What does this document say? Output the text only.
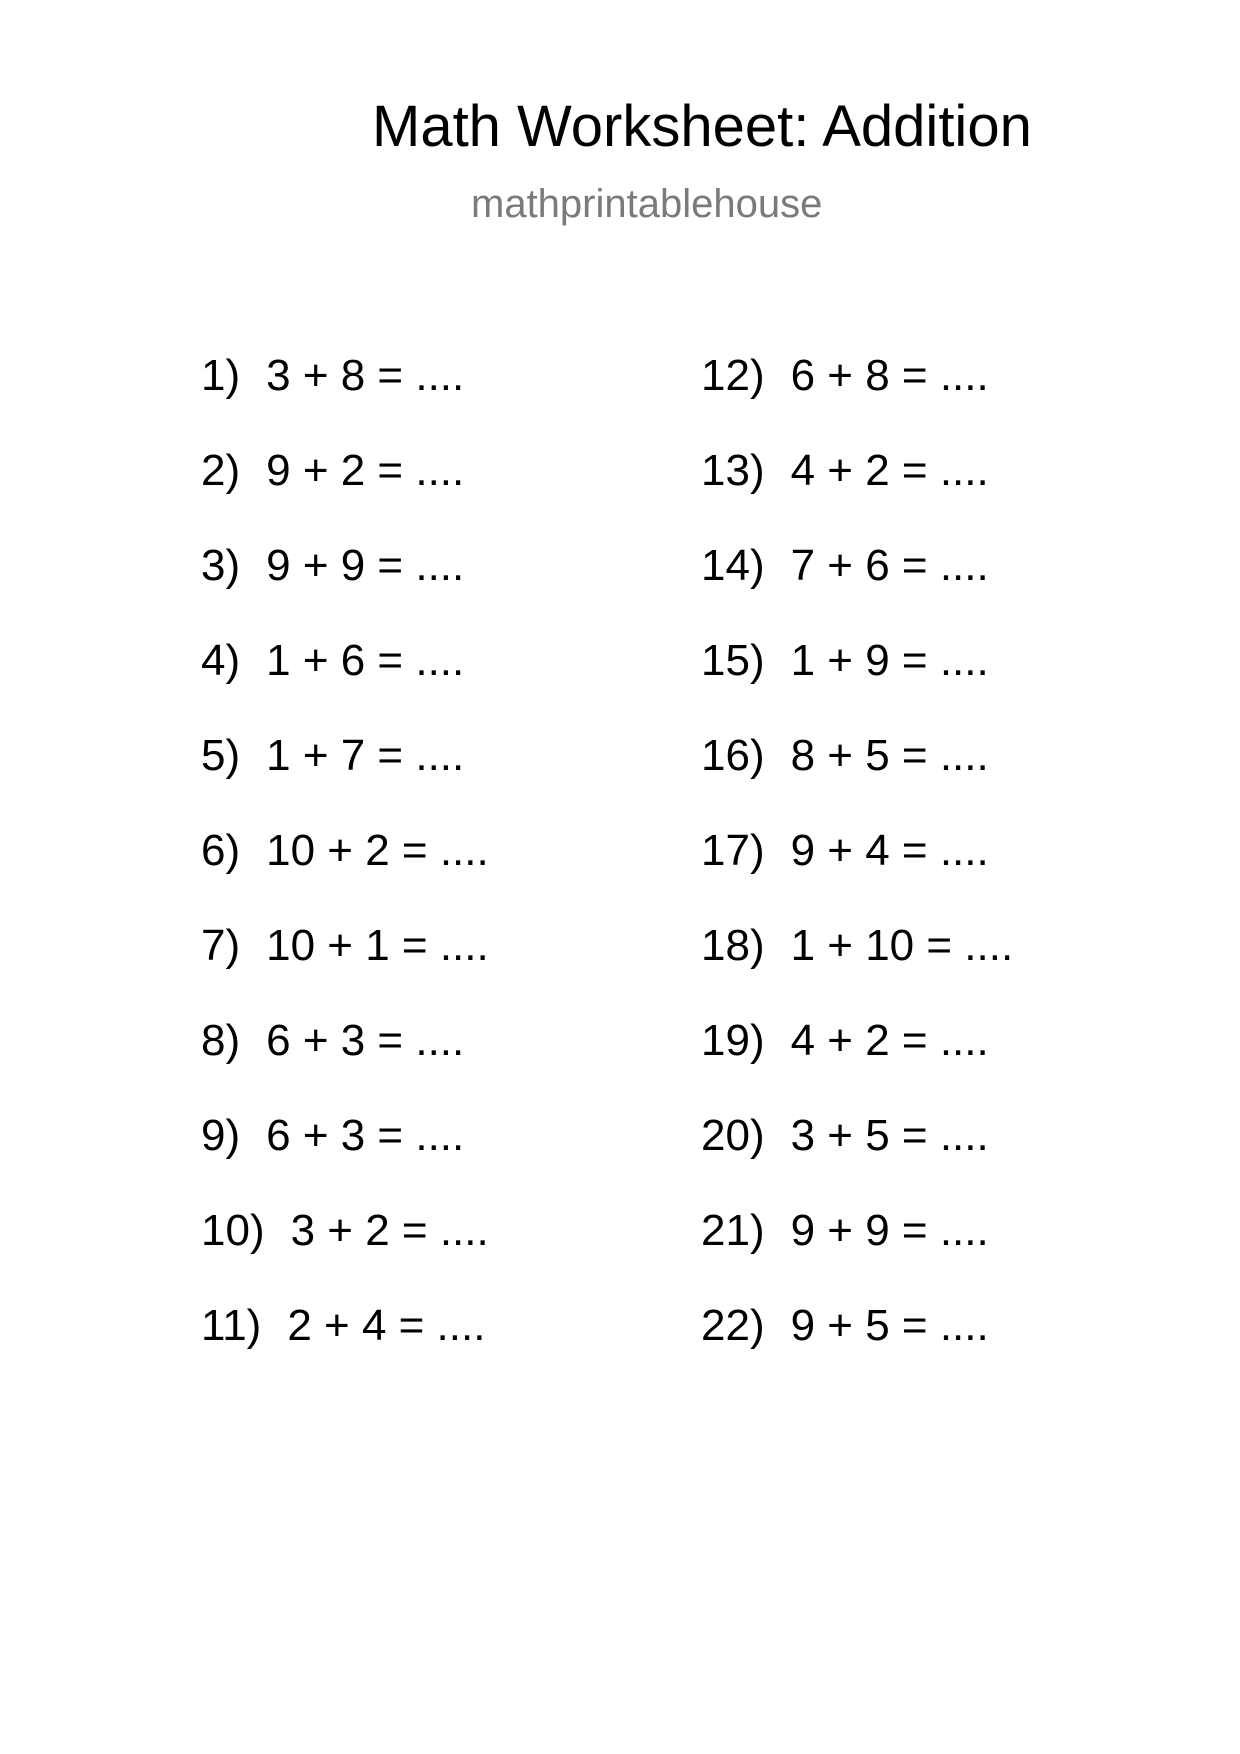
Math Worksheet: Addition
mathprintablehouse
1) 3 + 8 = ....
2) 9 + 2 = ....
3) 9 + 9 = ....
4) 1 + 6 = ....
5) 1 + 7 = ....
6) 10 + 2 = ....
7) 10 + 1 = ....
8) 6 + 3 = ....
9) 6 + 3 = ....
10) 3 + 2 = ....
11) 2 + 4 = ....
12) 6 + 8 = ....
13) 4 + 2 = ....
14) 7 + 6 = ....
15) 1 + 9 = ....
16) 8 + 5 = ....
17) 9 + 4 = ....
18) 1 + 10 = ....
19) 4 + 2 = ....
20) 3 + 5 = ....
21) 9 + 9 = ....
22) 9 + 5 = ....
